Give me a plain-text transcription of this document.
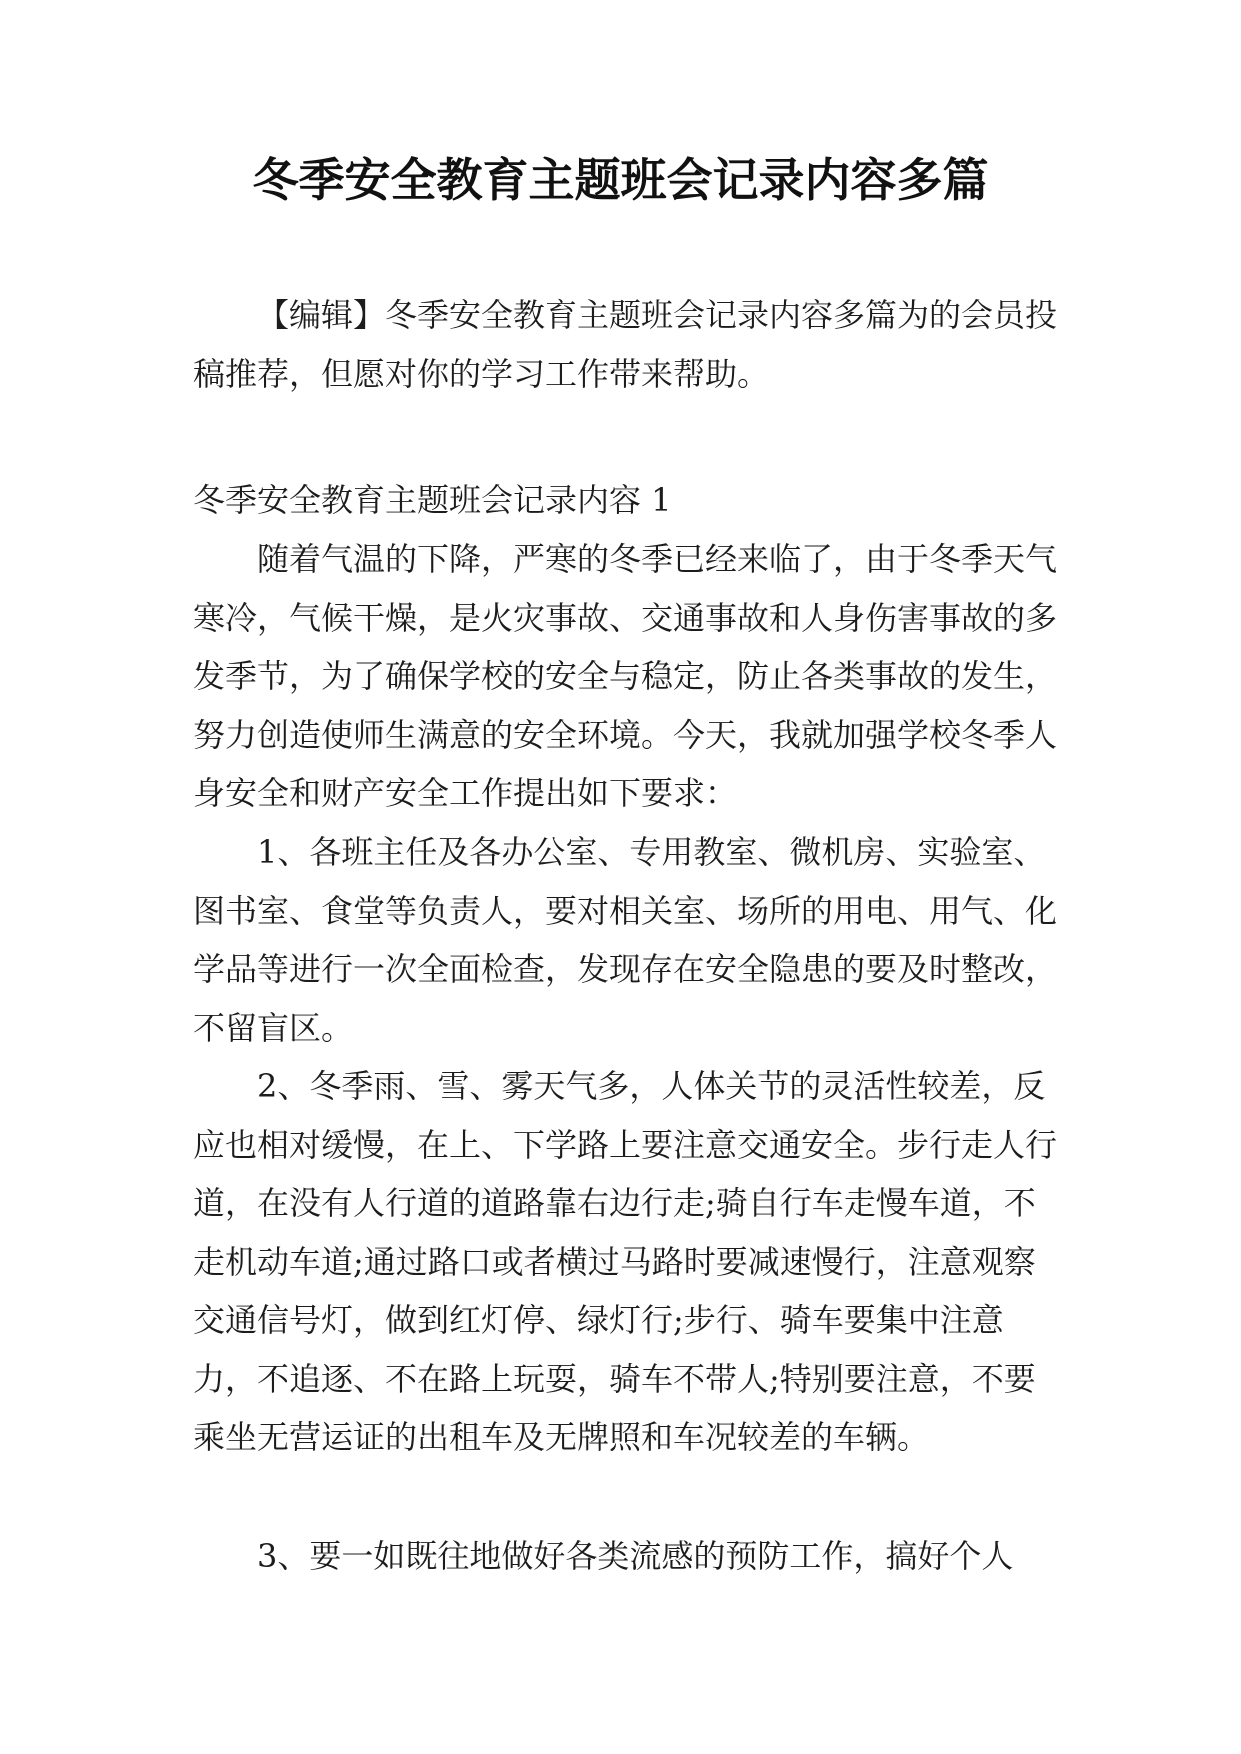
冬季安全教育主题班会记录内容多篇

【编辑】冬季安全教育主题班会记录内容多篇为的会员投稿推荐，但愿对你的学习工作带来帮助。

冬季安全教育主题班会记录内容 1

随着气温的下降，严寒的冬季已经来临了，由于冬季天气寒冷，气候干燥，是火灾事故、交通事故和人身伤害事故的多发季节，为了确保学校的安全与稳定，防止各类事故的发生，努力创造使师生满意的安全环境。今天，我就加强学校冬季人身安全和财产安全工作提出如下要求：

1、各班主任及各办公室、专用教室、微机房、实验室、图书室、食堂等负责人，要对相关室、场所的用电、用气、化学品等进行一次全面检查，发现存在安全隐患的要及时整改，不留盲区。

2、冬季雨、雪、雾天气多，人体关节的灵活性较差，反应也相对缓慢，在上、下学路上要注意交通安全。步行走人行道，在没有人行道的道路靠右边行走;骑自行车走慢车道，不走机动车道;通过路口或者横过马路时要减速慢行，注意观察交通信号灯，做到红灯停、绿灯行;步行、骑车要集中注意力，不追逐、不在路上玩耍，骑车不带人;特别要注意，不要乘坐无营运证的出租车及无牌照和车况较差的车辆。

3、要一如既往地做好各类流感的预防工作，搞好个人
